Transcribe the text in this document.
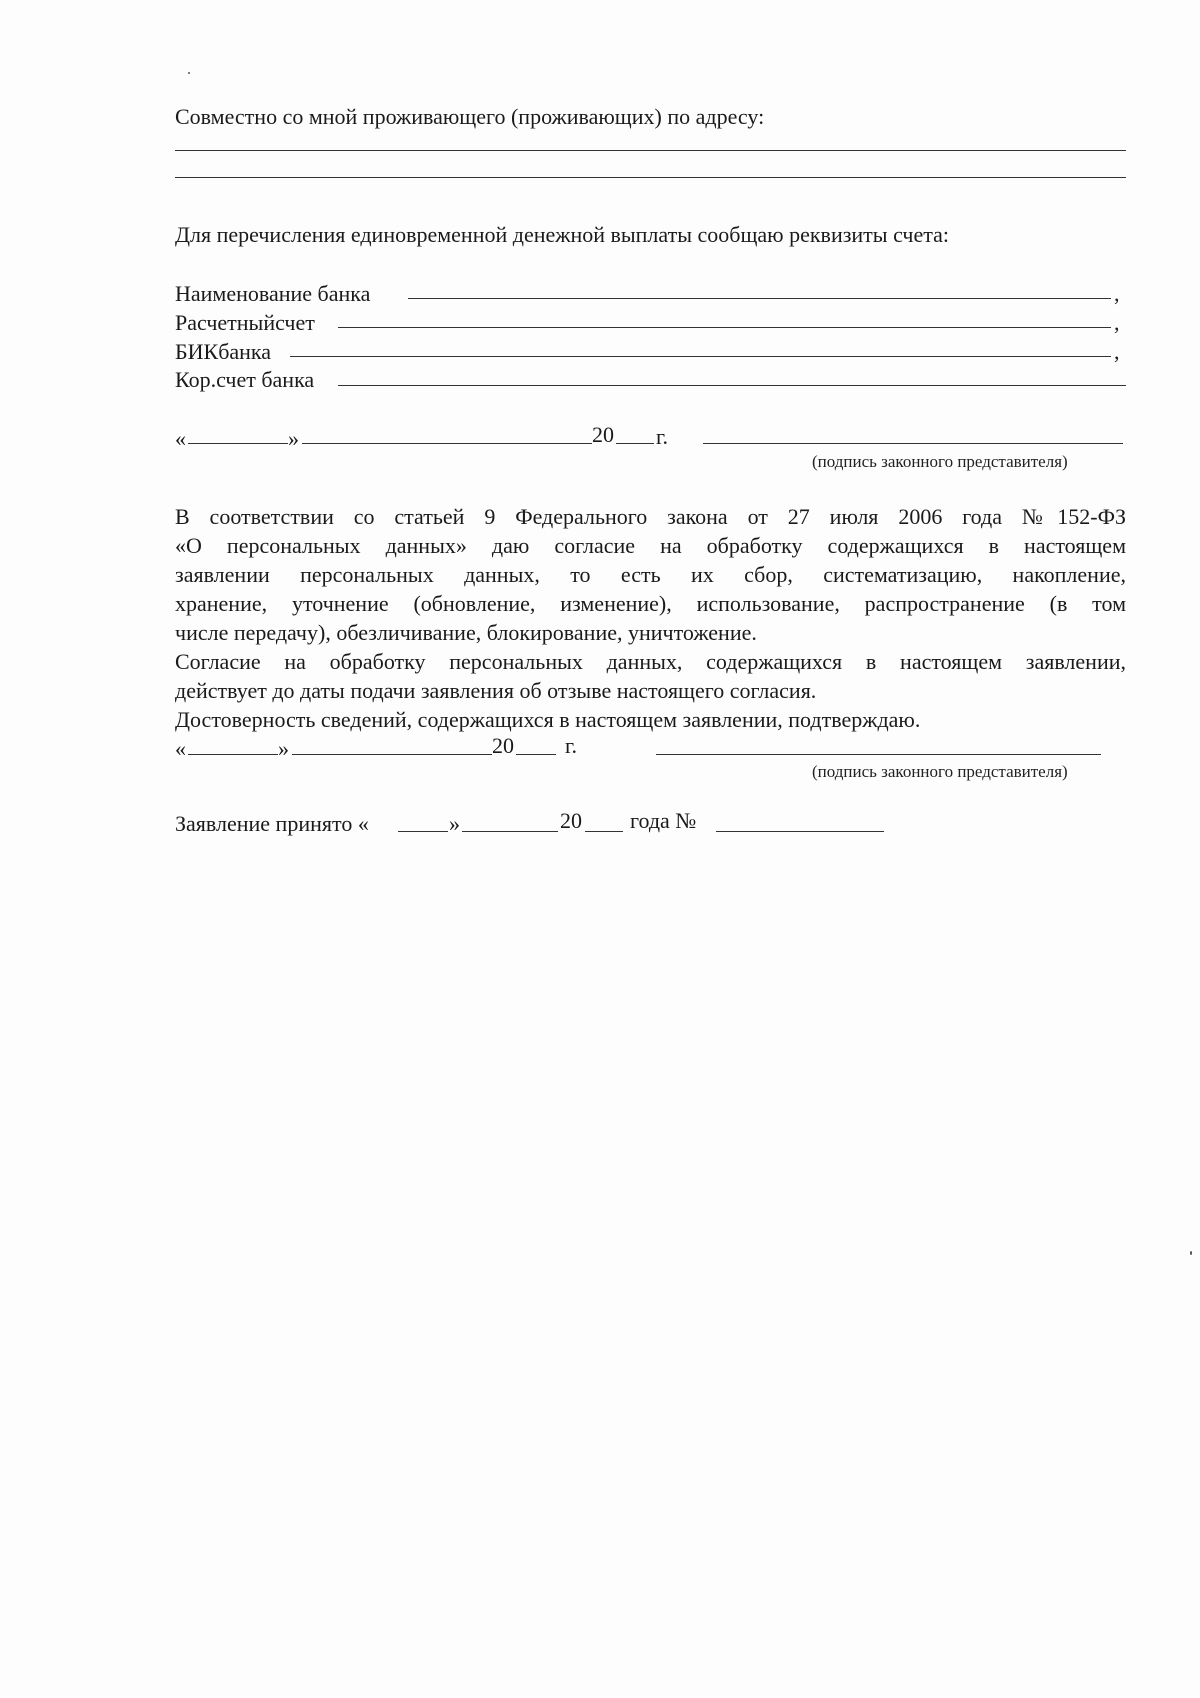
Совместно со мной проживающего (проживающих) по адресу:
Для перечисления единовременной денежной выплаты сообщаю реквизиты счета:
Наименование банка	,
Расчетныйсчет	,
БИКбанка	,
Кор.счет банка
«	»	20 г.
(подпись законного представителя)
В соответствии со статьей 9 Федерального закона от 27 июля 2006 года №152-ФЗ
«О персональных данных» даю согласие на обработку содержащихся в настоящем
заявлении персональных данных, то есть их сбор, систематизацию, накопление,
хранение, уточнение (обновление, изменение), использование, распространение (в том
числе передачу), обезличивание, блокирование, уничтожение.
Согласие на обработку персональных данных, содержащихся в настоящем заявлении,
действует до даты подачи заявления об отзыве настоящего согласия.
Достоверность сведений, содержащихся в настоящем заявлении, подтверждаю.
«	»	20 г.
(подпись законного представителя)
Заявление принято «	»	20 года №
